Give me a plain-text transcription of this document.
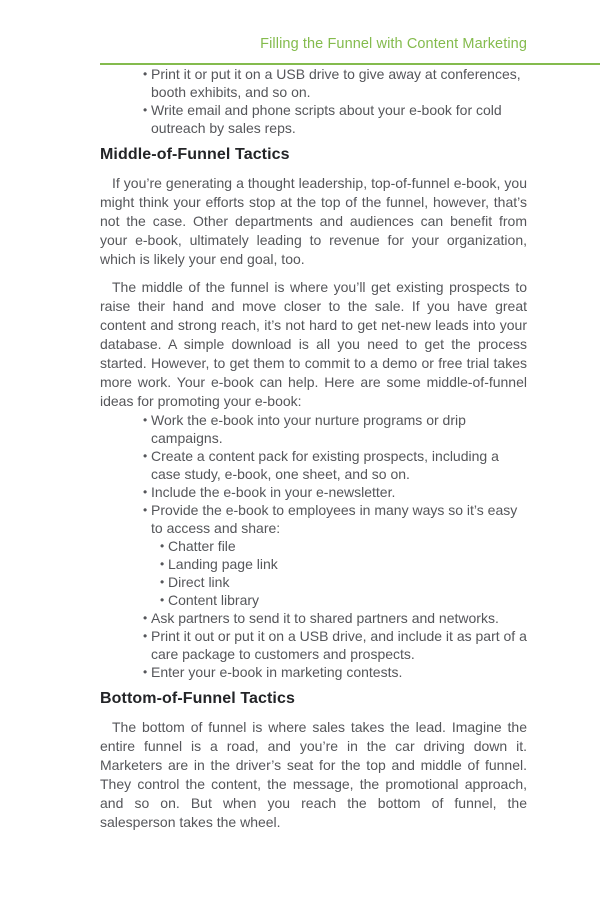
Filling the Funnel with Content Marketing
• Print it or put it on a USB drive to give away at conferences, booth exhibits, and so on.
• Write email and phone scripts about your e-book for cold outreach by sales reps.
Middle-of-Funnel Tactics

If you’re generating a thought leadership, top-of-funnel e-book, you might think your efforts stop at the top of the funnel, however, that’s not the case. Other departments and audiences can benefit from your e-book, ultimately leading to revenue for your organization, which is likely your end goal, too.

The middle of the funnel is where you’ll get existing prospects to raise their hand and move closer to the sale. If you have great content and strong reach, it’s not hard to get net-new leads into your database. A simple download is all you need to get the process started. However, to get them to commit to a demo or free trial takes more work. Your e-book can help. Here are some middle-of-funnel ideas for promoting your e-book:

• Work the e-book into your nurture programs or drip campaigns.
• Create a content pack for existing prospects, including a case study, e-book, one sheet, and so on.
• Include the e-book in your e-newsletter.
• Provide the e-book to employees in many ways so it’s easy to access and share:
• Chatter file
• Landing page link
• Direct link
• Content library
• Ask partners to send it to shared partners and networks.
• Print it out or put it on a USB drive, and include it as part of a care package to customers and prospects.
• Enter your e-book in marketing contests.
Bottom-of-Funnel Tactics

The bottom of funnel is where sales takes the lead. Imagine the entire funnel is a road, and you’re in the car driving down it. Marketers are in the driver’s seat for the top and middle of funnel. They control the content, the message, the promotional approach, and so on. But when you reach the bottom of funnel, the salesperson takes the wheel.
